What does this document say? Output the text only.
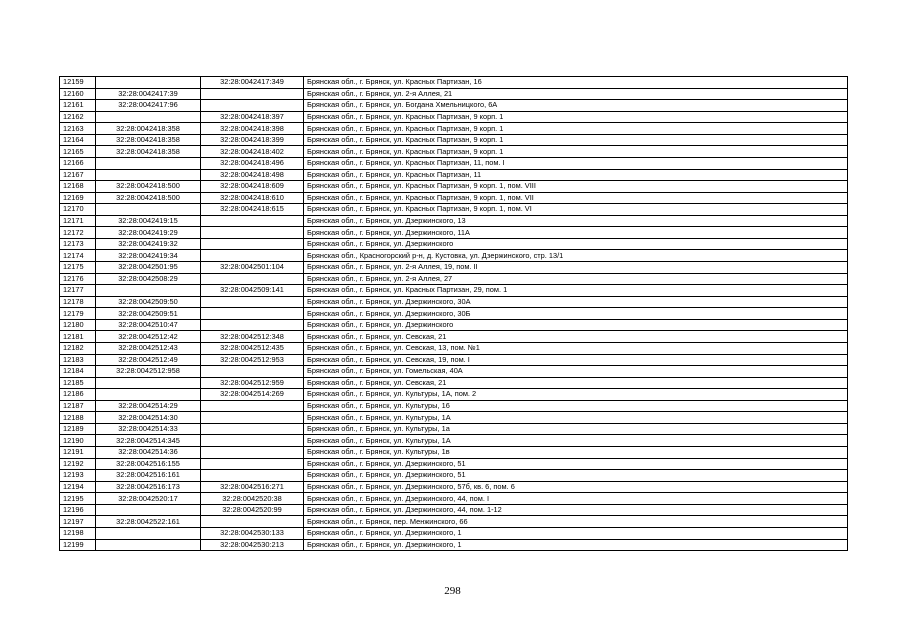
12159		32:28:0042417:349	Брянская обл., г. Брянск, ул. Красных Партизан, 16
12160	32:28:0042417:39		Брянская обл., г. Брянск, ул. 2-я Аллея, 21
12161	32:28:0042417:96		Брянская обл., г. Брянск, ул. Богдана Хмельницкого, 6А
12162		32:28:0042418:397	Брянская обл., г. Брянск, ул. Красных Партизан, 9 корп. 1
12163	32:28:0042418:358	32:28:0042418:398	Брянская обл., г. Брянск, ул. Красных Партизан, 9 корп. 1
12164	32:28:0042418:358	32:28:0042418:399	Брянская обл., г. Брянск, ул. Красных Партизан, 9 корп. 1
12165	32:28:0042418:358	32:28:0042418:402	Брянская обл., г. Брянск, ул. Красных Партизан, 9 корп. 1
12166		32:28:0042418:496	Брянская обл., г. Брянск, ул. Красных Партизан, 11, пом. I
12167		32:28:0042418:498	Брянская обл., г. Брянск, ул. Красных Партизан, 11
12168	32:28:0042418:500	32:28:0042418:609	Брянская обл., г. Брянск, ул. Красных Партизан, 9 корп. 1, пом. VIII
12169	32:28:0042418:500	32:28:0042418:610	Брянская обл., г. Брянск, ул. Красных Партизан, 9 корп. 1, пом. VII
12170		32:28:0042418:615	Брянская обл., г. Брянск, ул. Красных Партизан, 9 корп. 1, пом. VI
12171	32:28:0042419:15		Брянская обл., г. Брянск, ул. Дзержинского, 13
12172	32:28:0042419:29		Брянская обл., г. Брянск, ул. Дзержинского, 11А
12173	32:28:0042419:32		Брянская обл., г. Брянск, ул. Дзержинского
12174	32:28:0042419:34		Брянская обл., Красногорский р-н, д. Кустовка, ул. Дзержинского, стр. 13/1
12175	32:28:0042501:95	32:28:0042501:104	Брянская обл., г. Брянск, ул. 2-я Аллея, 19, пом. II
12176	32:28:0042508:29		Брянская обл., г. Брянск, ул. 2-я Аллея, 27
12177		32:28:0042509:141	Брянская обл., г. Брянск, ул. Красных Партизан, 29, пом. 1
12178	32:28:0042509:50		Брянская обл., г. Брянск, ул. Дзержинского, 30А
12179	32:28:0042509:51		Брянская обл., г. Брянск, ул. Дзержинского, 30Б
12180	32:28:0042510:47		Брянская обл., г. Брянск, ул. Дзержинского
12181	32:28:0042512:42	32:28:0042512:348	Брянская обл., г. Брянск, ул. Севская, 21
12182	32:28:0042512:43	32:28:0042512:435	Брянская обл., г. Брянск, ул. Севская, 13, пом. №1
12183	32:28:0042512:49	32:28:0042512:953	Брянская обл., г. Брянск, ул. Севская, 19, пом. I
12184	32:28:0042512:958		Брянская обл., г. Брянск, ул. Гомельская, 40А
12185		32:28:0042512:959	Брянская обл., г. Брянск, ул. Севская, 21
12186		32:28:0042514:269	Брянская обл., г. Брянск, ул. Культуры, 1А, пом. 2
12187	32:28:0042514:29		Брянская обл., г. Брянск, ул. Культуры, 16
12188	32:28:0042514:30		Брянская обл., г. Брянск, ул. Культуры, 1А
12189	32:28:0042514:33		Брянская обл., г. Брянск, ул. Культуры, 1а
12190	32:28:0042514:345		Брянская обл., г. Брянск, ул. Культуры, 1А
12191	32:28:0042514:36		Брянская обл., г. Брянск, ул. Культуры, 1в
12192	32:28:0042516:155		Брянская обл., г. Брянск, ул. Дзержинского, 51
12193	32:28:0042516:161		Брянская обл., г. Брянск, ул. Дзержинского, 51
12194	32:28:0042516:173	32:28:0042516:271	Брянская обл., г. Брянск, ул. Дзержинского, 57б, кв. 6, пом. 6
12195	32:28:0042520:17	32:28:0042520:38	Брянская обл., г. Брянск, ул. Дзержинского, 44, пом. I
12196		32:28:0042520:99	Брянская обл., г. Брянск, ул. Дзержинского, 44, пом. 1-12
12197	32:28:0042522:161		Брянская обл., г. Брянск, пер. Менжинского, 66
12198		32:28:0042530:133	Брянская обл., г. Брянск, ул. Дзержинского, 1
12199		32:28:0042530:213	Брянская обл., г. Брянск, ул. Дзержинского, 1
298
